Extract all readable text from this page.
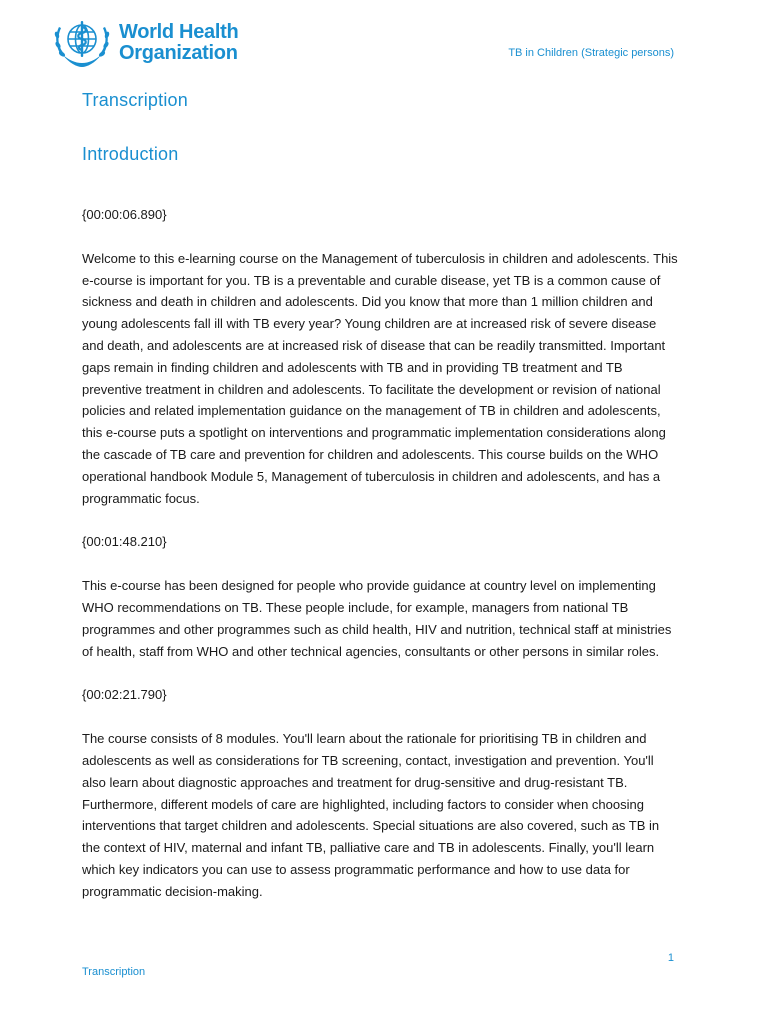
World Health
Organization	TB in Children (Strategic persons)
Transcription
Introduction

{00:00:06.890}

Welcome to this e-learning course on the Management of tuberculosis in children and adolescents. This e-course is important for you. TB is a preventable and curable disease, yet TB is a common cause of sickness and death in children and adolescents. Did you know that more than 1 million children and young adolescents fall ill with TB every year? Young children are at increased risk of severe disease and death, and adolescents are at increased risk of disease that can be readily transmitted. Important gaps remain in finding children and adolescents with TB and in providing TB treatment and TB preventive treatment in children and adolescents. To facilitate the development or revision of national policies and related implementation guidance on the management of TB in children and adolescents, this e-course puts a spotlight on interventions and programmatic implementation considerations along the cascade of TB care and prevention for children and adolescents. This course builds on the WHO operational handbook Module 5, Management of tuberculosis in children and adolescents, and has a programmatic focus.

{00:01:48.210}

This e-course has been designed for people who provide guidance at country level on implementing WHO recommendations on TB. These people include, for example, managers from national TB programmes and other programmes such as child health, HIV and nutrition, technical staff at ministries of health, staff from WHO and other technical agencies, consultants or other persons in similar roles.

{00:02:21.790}

The course consists of 8 modules. You'll learn about the rationale for prioritising TB in children and adolescents as well as considerations for TB screening, contact, investigation and prevention. You'll also learn about diagnostic approaches and treatment for drug-sensitive and drug-resistant TB. Furthermore, different models of care are highlighted, including factors to consider when choosing interventions that target children and adolescents. Special situations are also covered, such as TB in the context of HIV, maternal and infant TB, palliative care and TB in adolescents. Finally, you'll learn which key indicators you can use to assess programmatic performance and how to use data for programmatic decision-making.

1
Transcription
